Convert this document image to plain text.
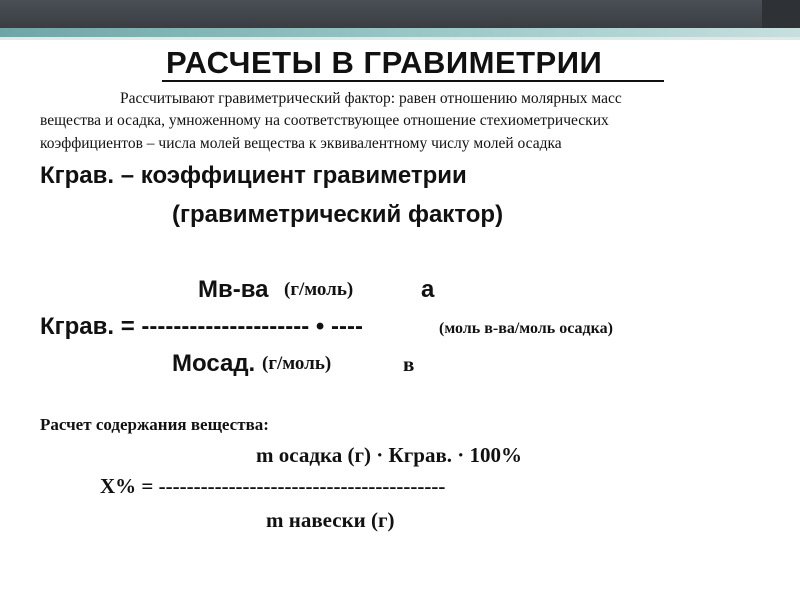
РАСЧЕТЫ В ГРАВИМЕТРИИ
Рассчитывают гравиметрический фактор: равен отношению молярных масс
вещества и осадка, умноженному на соответствующее отношение стехиометрических
коэффициентов – числа молей вещества к эквивалентному числу молей осадка
Кграв. – коэффициент гравиметрии
(гравиметрический фактор)
Мв-ва (г/моль)	а
Кграв. = --------------------- • ----	(моль в-ва/моль осадка)
Мосад. (г/моль)	в
Расчет содержания вещества:
m осадка (г) · Кграв. · 100%
Х% = -----------------------------------------
m навески (г)
